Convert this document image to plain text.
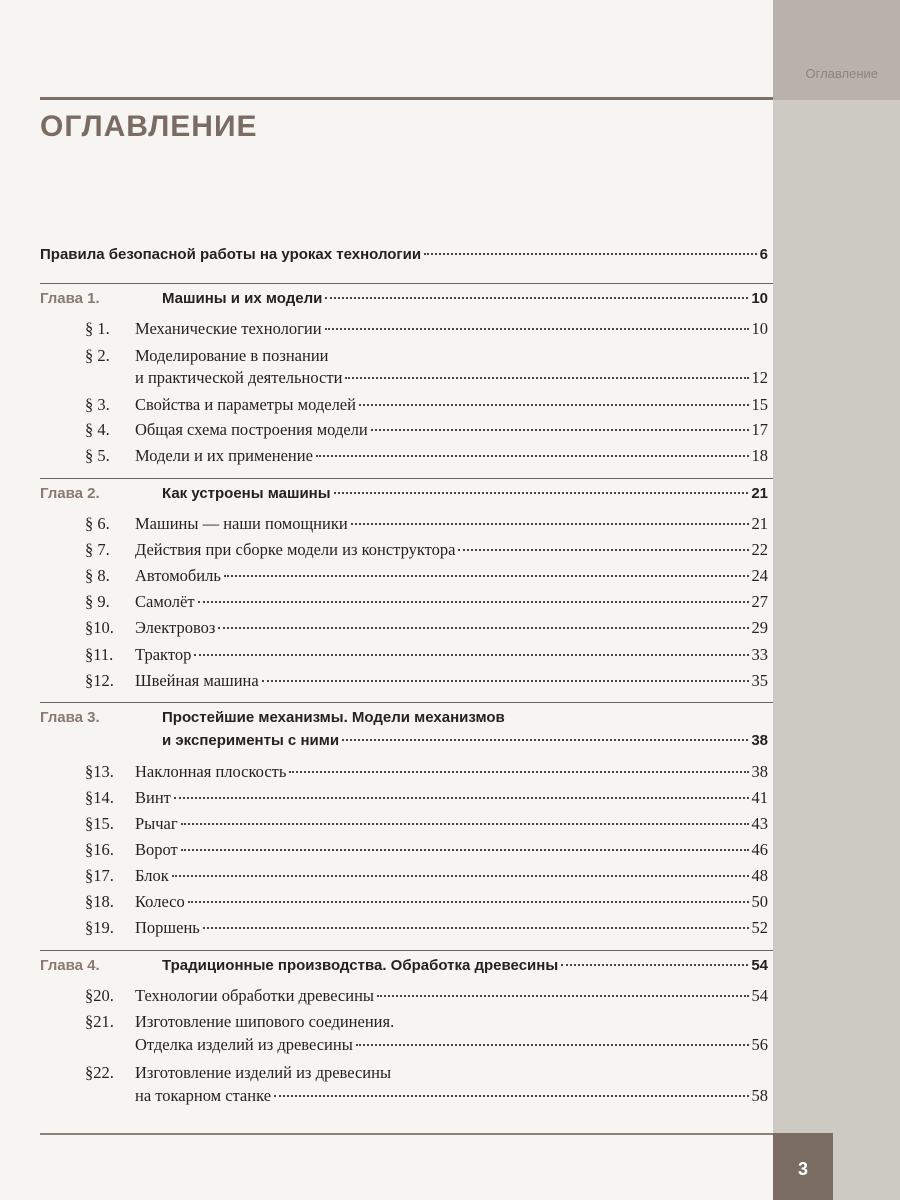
Оглавление
ОГЛАВЛЕНИЕ
Правила безопасной работы на уроках технологии	6
Глава 1.	Машины и их модели	10
§ 1.	Механические технологии	10
§ 2. Моделирование в познании
и практической деятельности	12
§ 3.	Свойства и параметры моделей	15
§ 4.	Общая схема построения модели	17
§ 5.	Модели и их применение	18
Глава 2.	Как устроены машины	21
§ 6.	Машины — наши помощники	21
§ 7.	Действия при сборке модели из конструктора	22
§ 8.	Автомобиль	24
§ 9.	Самолёт	27
§10.	Электровоз	29
§11.	Трактор	33
§12.	Швейная машина	35
Глава 3.	Простейшие механизмы. Модели механизмов
и эксперименты с ними	38
§13.	Наклонная плоскость	38
§14.	Винт	41
§15.	Рычаг	43
§16.	Ворот	46
§17.	Блок	48
§18.	Колесо	50
§19.	Поршень	52
Глава 4.	Традиционные производства. Обработка древесины	54
§20.	Технологии обработки древесины	54
§21. Изготовление шипового соединения.
Отделка изделий из древесины	56
§22. Изготовление изделий из древесины
на токарном станке	58
3
